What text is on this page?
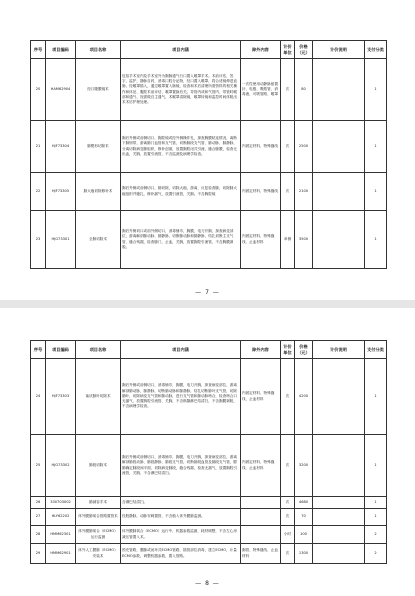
序号	项目编码	项目名称	项目内涵	除外内容	计价单位	价格（元）	计价说明	支付分类
20	HAM62904	经口腹膜镜术	包括手术室内及手术室外为胸肠通气行口置入喉罩手术。术前评估，签字，监护，静脉自药，消毒口腔分泌物，经口置入喉罩，将合适镜伸进直肠，经喉罩插入，通过喉罩置入肠镜，检查和术后清理所需资料的相关操作和体征、腹腔术前评估、喉罩置换有关。导管内或和气管内、带管时喉部和通气、视需做自主通气，术喉罩清除镜，喉罩转镜和监控时间体脱出术术后护理处理。	一次性使用动静脉留置针、电极、吸脓管、消毒液、可吸管路、喉罩	次	80		1
21	HJF73304	肺楔形切除术	胸后外侧或前侧切口，胸腔镜或经外侧操作孔，探查胸膜粘连情况，离断下肺韧带，游离肺门血管和支气管，切断肺段支气管、肺动脉、肺静脉，分离切除病变肺组织，修补创面，放置胸腔闭式引流，缝合肺膜，检查无出血，关胸，放置引流管，不含监测及病理学检查。	内固定材料、特殊缝线	次	2500		1
22	HJF73305	肺大疱切除修补术	胸后外侧或前侧切口，肺切除，切除大疱，游离，反复检查肺，切除肺大疱组织并缝扎，修补漏气，放置引流管，关胸。不含胸腔镜	内固定材料、特殊缝线	次	2100		1
23	HJG73301	全肺切除术	胸后外侧切口或前外侧切口，消毒铺巾，胸膜，电刀开胸，探查病变部位，游离解剖肺动脉、肺静脉，切断肺动脉和肺静脉，结扎切断主支气管，缝合残端，检查肺门，止血，关胸，放置胸腔引流管，不含胸膜剥脱。	内固定材料、特殊缝线、止血材料	单侧	3500		1
— 7 —
序号	项目编码	项目名称	项目内涵	除外内容	计价单位	价格（元）	计价说明	支付分类
24	HJF73303	袖状肺叶切除术	胸后外侧或前侧切口，消毒铺巾，胸膜，电刀开胸，探查病变部位，游离解剖肺动脉，肺静脉，切断肺动脉和肺静脉，结扎切断肺叶支气管，切除肺叶，切除病变支气管和肺动脉，进行支气管和肺动脉吻合，检查吻合口无漏气，放置胸腔引流管，关胸，不含纵隔淋巴结清扫，不含胸膜剥脱，不含病理学检查。	内固定材料、特殊缝线、止血材料	次	4200		1
25	HJG73302	肺段切除术	胸后外侧或前侧切口，消毒铺巾，胸膜，电刀开胸，探查病变部位，游离解剖肺段动脉、肺段静脉、肺段支气管，切断肺段血管及肺段支气管，膨肺确定肺段间平面，切除病变肺段，缝合残端，检查无漏气，放置胸腔引流管，关胸，不含淋巴结清扫。	内固定材料、特殊缝线、止血材料	次	3200		1
26	330703002	肺减容手术	含淋巴结清扫。		次	4680		1
27	HLY62202	体外膜肺氧合管路置管术	经股静脉，动脉穿刺置管，不含植入体外膜肺监测。		次	70		1
28	HMM62301	体外膜肺氧合（ECMO）运行监测	体外膜肺氧合（ECMO）运行中，机器参数监测，耗材调整，不含左心房减压管置入术。		小时	100		2
29	HMM62901	体外人工膜肺（ECMO）安装术	预充管路，膜肺或闭环式ECMO管路，插管部位消毒，建立ECMO，计量ECMO参数，调整机器参数，置入管路。	胸管、特殊缝线、止血材料	次	1300		2
— 8 —
